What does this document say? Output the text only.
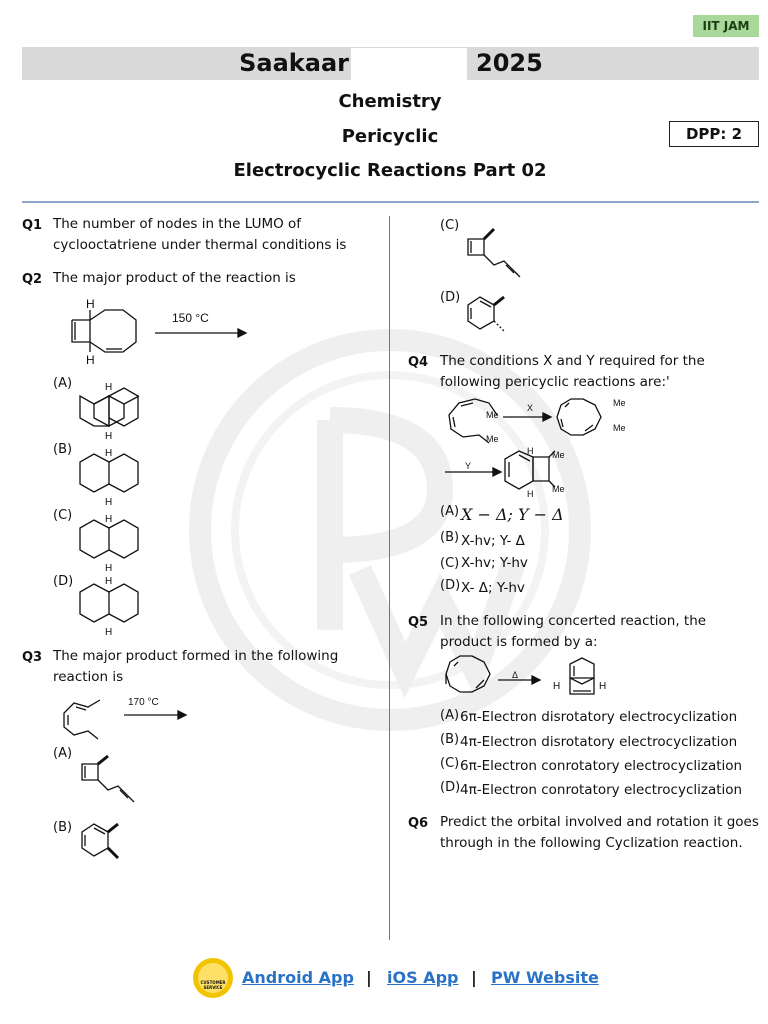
IIT JAM
Saakaar	2025
Chemistry
Pericyclic
Electrocyclic Reactions Part 02
DPP: 2
Q1 The number of nodes in the LUMO of
cyclooctatriene under thermal conditions is
Q2 The major product of the reaction is
H
H
150 °C
(A)	H
H
(B)	H
H
(C)	H
H
(D)	H
H
Q3 The major product formed in the following
reaction is
170 °C
(A)
(B)
(C)
(D)
Q4 The conditions X and Y required for the
following pericyclic reactions are:'
Me
Me
X	Me
Me
Y
H
H
Me
Me
(A) X − Δ; Y − Δ
(B) X-hv; Y- Δ
(C) X-hv; Y-hv
(D) X- Δ; Y-hv
Q5 In the following concerted reaction, the
product is formed by a:
Δ
H	H
(A) 6π-Electron disrotatory electrocyclization
(B) 4π-Electron disrotatory electrocyclization
(C) 6π-Electron conrotatory electrocyclization
(D) 4π-Electron conrotatory electrocyclization
Q6 Predict the orbital involved and rotation it goes
through in the following Cyclization reaction.
CUSTOMER SERVICE
Android App | iOS App | PW Website
